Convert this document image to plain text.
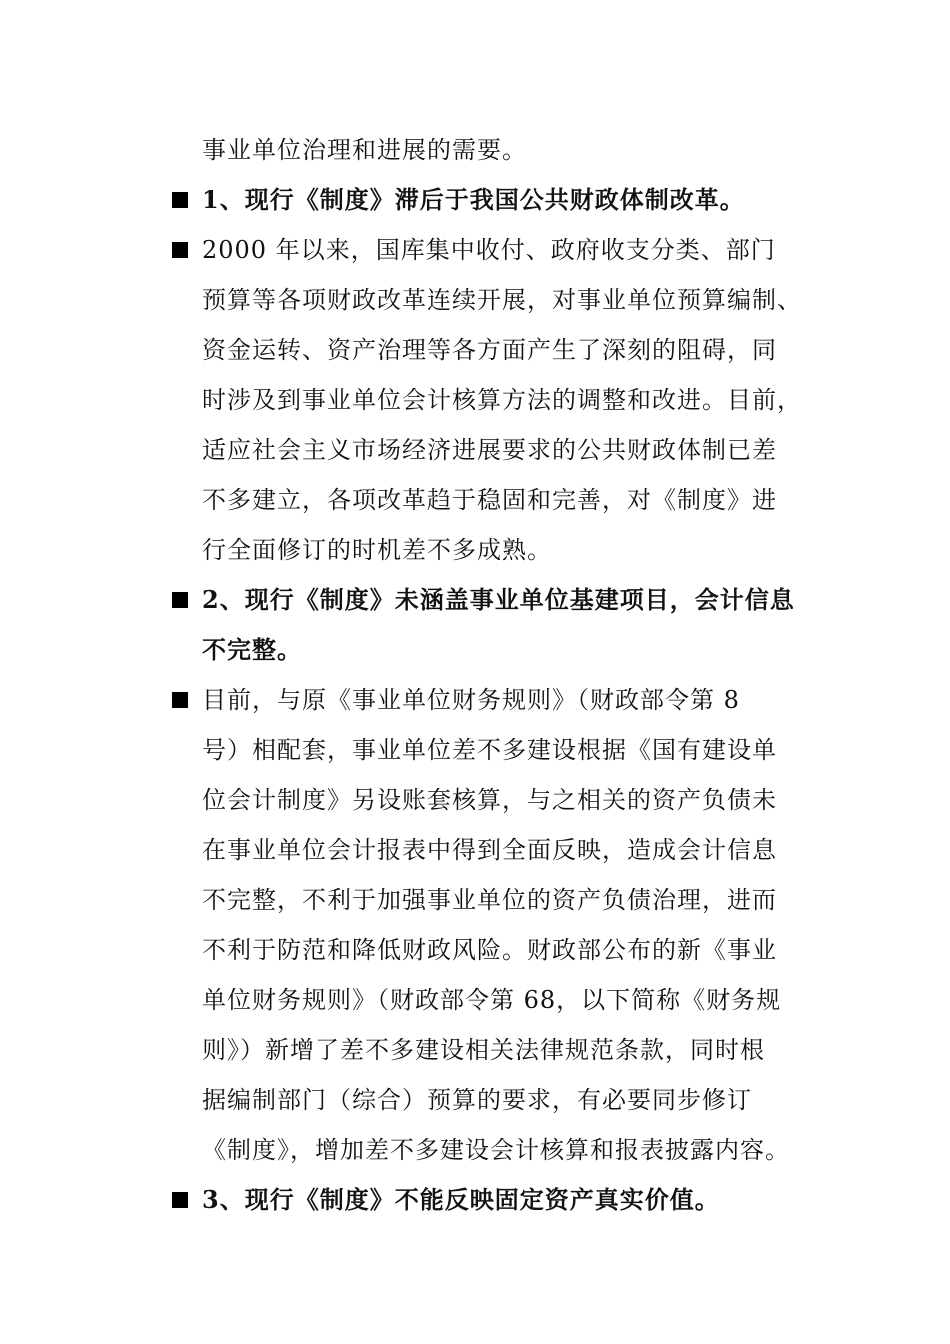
事业单位治理和进展的需要。
1、现行《制度》滞后于我国公共财政体制改革。
2000 年以来，国库集中收付、政府收支分类、部门
预算等各项财政改革连续开展，对事业单位预算编制、
资金运转、资产治理等各方面产生了深刻的阻碍，同
时涉及到事业单位会计核算方法的调整和改进。目前，
适应社会主义市场经济进展要求的公共财政体制已差
不多建立，各项改革趋于稳固和完善，对《制度》进
行全面修订的时机差不多成熟。
2、现行《制度》未涵盖事业单位基建项目，会计信息
不完整。
目前，与原《事业单位财务规则》（财政部令第 8
号）相配套，事业单位差不多建设根据《国有建设单
位会计制度》另设账套核算，与之相关的资产负债未
在事业单位会计报表中得到全面反映，造成会计信息
不完整，不利于加强事业单位的资产负债治理，进而
不利于防范和降低财政风险。财政部公布的新《事业
单位财务规则》（财政部令第 68，以下简称《财务规
则》）新增了差不多建设相关法律规范条款，同时根
据编制部门（综合）预算的要求，有必要同步修订
《制度》，增加差不多建设会计核算和报表披露内容。
3、现行《制度》不能反映固定资产真实价值。
